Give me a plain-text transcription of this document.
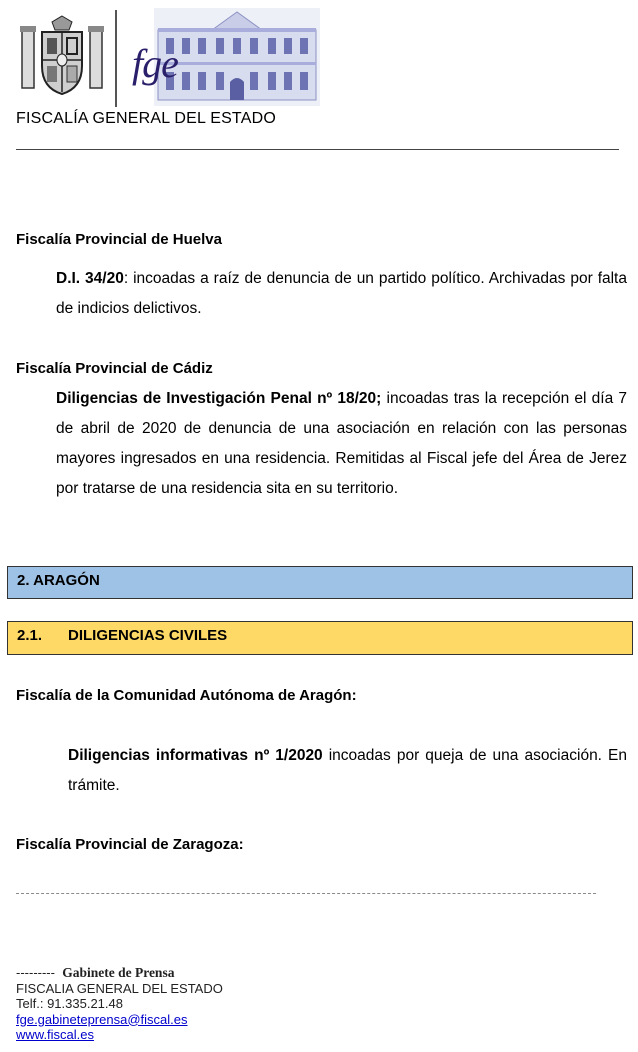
fge
FISCALÍA GENERAL DEL ESTADO
Fiscalía Provincial de Huelva
D.I. 34/20: incoadas a raíz de denuncia de un partido político. Archivadas por falta de indicios delictivos.
Fiscalía Provincial de Cádiz
Diligencias de Investigación Penal nº 18/20; incoadas tras la recepción el día 7 de abril de 2020 de denuncia de una asociación en relación con las personas mayores ingresados en una residencia. Remitidas al Fiscal jefe del Área de Jerez por tratarse de una residencia sita en su territorio.
2. ARAGÓN
2.1. DILIGENCIAS CIVILES
Fiscalía de la Comunidad Autónoma de Aragón:
Diligencias informativas nº 1/2020 incoadas por queja de una asociación. En trámite.
Fiscalía Provincial de Zaragoza:
--------- Gabinete de Prensa
FISCALIA GENERAL DEL ESTADO
Telf.: 91.335.21.48
fge.gabineteprensa@fiscal.es
www.fiscal.es
